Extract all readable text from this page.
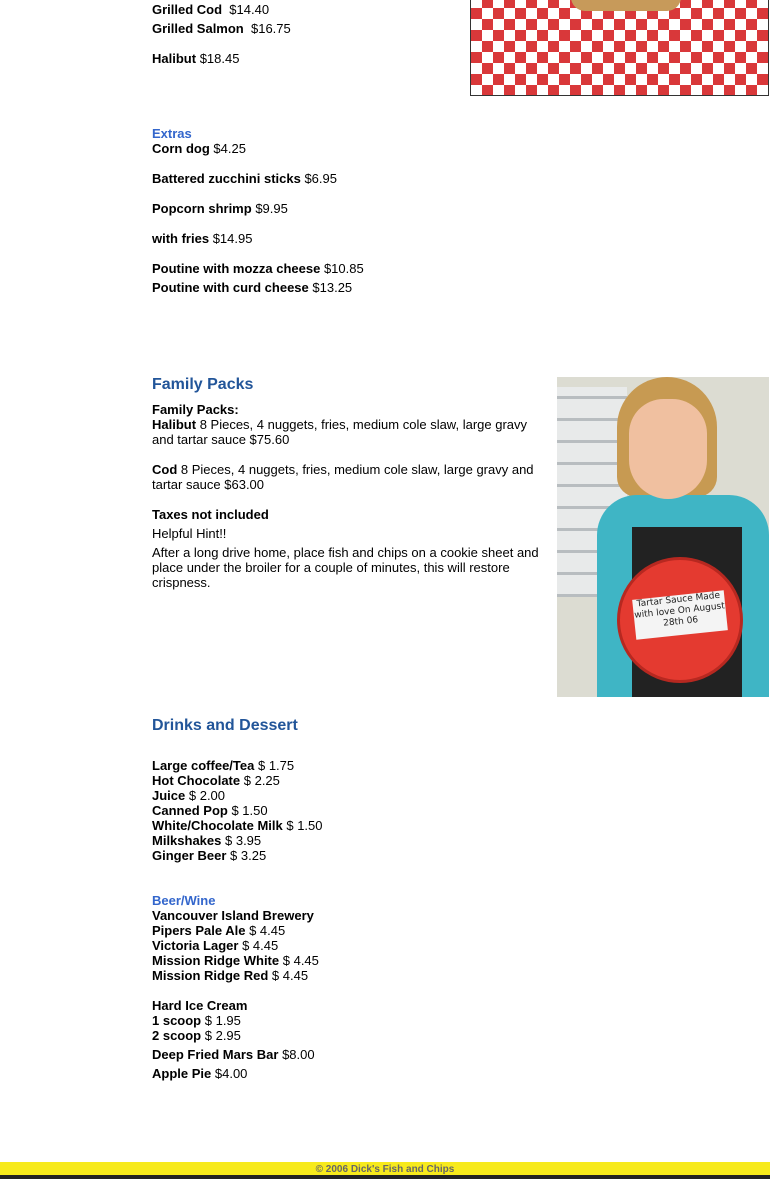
Grilled Cod $14.40
Grilled Salmon $16.75
Halibut $18.45
Extras
Corn dog $4.25
Battered zucchini sticks $6.95
Popcorn shrimp $9.95
with fries $14.95
Poutine with mozza cheese $10.85
Poutine with curd cheese $13.25
Family Packs
Family Packs:
Halibut 8 Pieces, 4 nuggets, fries, medium cole slaw, large gravy and tartar sauce $75.60
Cod 8 Pieces, 4 nuggets, fries, medium cole slaw, large gravy and tartar sauce $63.00
Taxes not included
Helpful Hint!!
After a long drive home, place fish and chips on a cookie sheet and place under the broiler for a couple of minutes, this will restore crispness.
Tartar Sauce Made with love On August 28th 06
Drinks and Dessert
Large coffee/Tea $ 1.75
Hot Chocolate $ 2.25
Juice $ 2.00
Canned Pop $ 1.50
White/Chocolate Milk $ 1.50
Milkshakes $ 3.95
Ginger Beer $ 3.25
Beer/Wine
Vancouver Island Brewery
Pipers Pale Ale $ 4.45
Victoria Lager $ 4.45
Mission Ridge White $ 4.45
Mission Ridge Red $ 4.45
Hard Ice Cream
1 scoop $ 1.95
2 scoop $ 2.95
Deep Fried Mars Bar $8.00
Apple Pie $4.00
© 2006 Dick's Fish and Chips
